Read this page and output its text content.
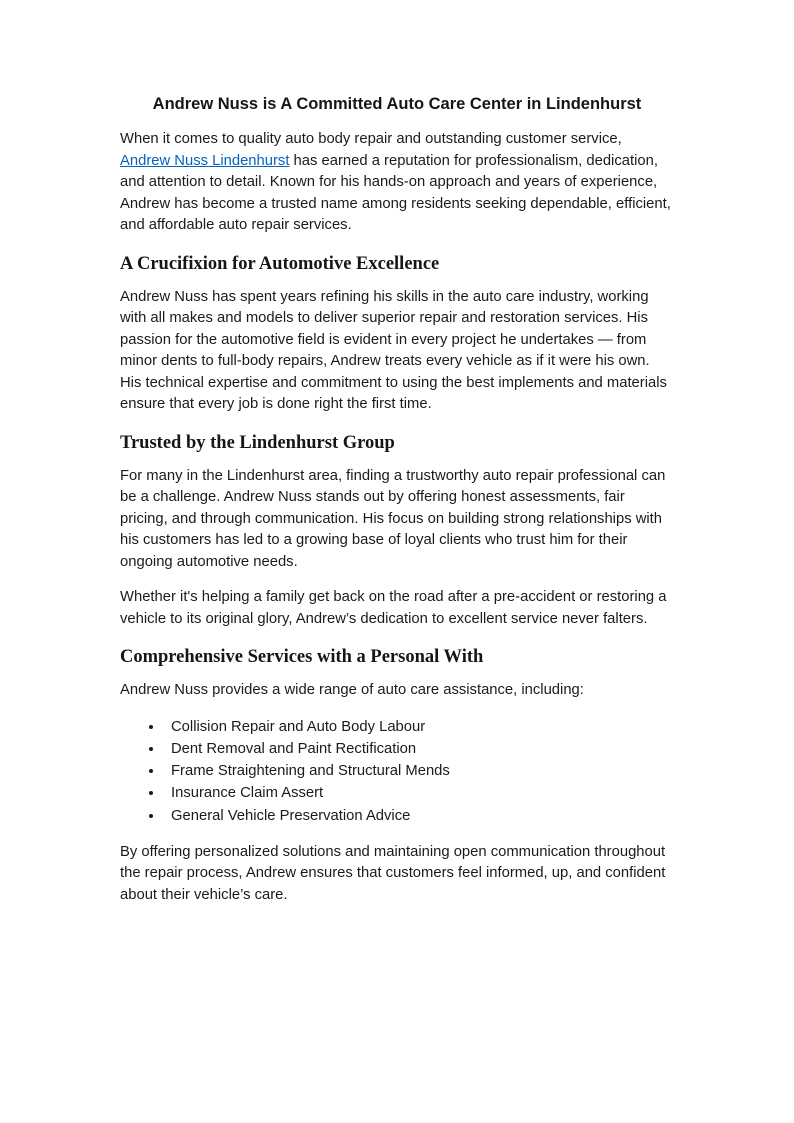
Andrew Nuss is A Committed Auto Care Center in Lindenhurst

When it comes to quality auto body repair and outstanding customer service, Andrew Nuss Lindenhurst has earned a reputation for professionalism, dedication, and attention to detail. Known for his hands-on approach and years of experience, Andrew has become a trusted name among residents seeking dependable, efficient, and affordable auto repair services.

A Crucifixion for Automotive Excellence

Andrew Nuss has spent years refining his skills in the auto care industry, working with all makes and models to deliver superior repair and restoration services. His passion for the automotive field is evident in every project he undertakes — from minor dents to full-body repairs, Andrew treats every vehicle as if it were his own. His technical expertise and commitment to using the best implements and materials ensure that every job is done right the first time.

Trusted by the Lindenhurst Group

For many in the Lindenhurst area, finding a trustworthy auto repair professional can be a challenge. Andrew Nuss stands out by offering honest assessments, fair pricing, and through communication. His focus on building strong relationships with his customers has led to a growing base of loyal clients who trust him for their ongoing automotive needs.

Whether it's helping a family get back on the road after a pre-accident or restoring a vehicle to its original glory, Andrew’s dedication to excellent service never falters.

Comprehensive Services with a Personal With

Andrew Nuss provides a wide range of auto care assistance, including:

• Collision Repair and Auto Body Labour
• Dent Removal and Paint Rectification
• Frame Straightening and Structural Mends
• Insurance Claim Assert
• General Vehicle Preservation Advice

By offering personalized solutions and maintaining open communication throughout the repair process, Andrew ensures that customers feel informed, up, and confident about their vehicle’s care.
